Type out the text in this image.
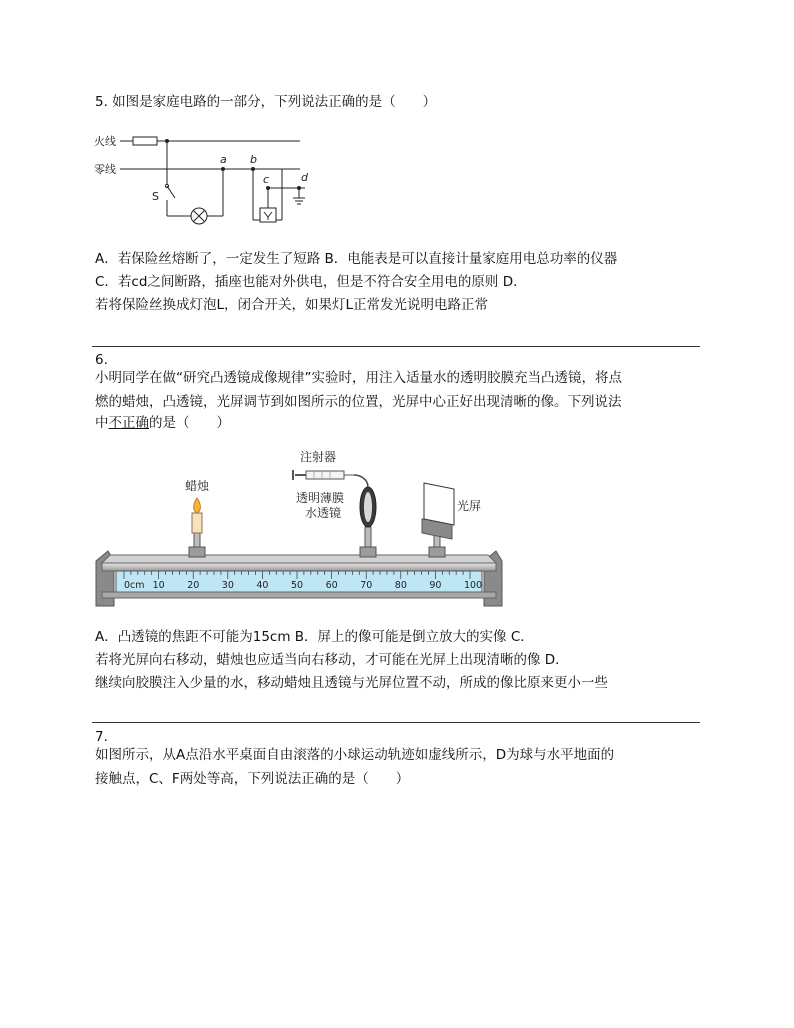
5. 如图是家庭电路的一部分，下列说法正确的是（　　）
火线
零线
S
a b
c	d
A．若保险丝熔断了，一定发生了短路 B．电能表是可以直接计量家庭用电总功率的仪器
C．若cd之间断路，插座也能对外供电，但是不符合安全用电的原则 D．
若将保险丝换成灯泡L，闭合开关，如果灯L正常发光说明电路正常
6.
小明同学在做“研究凸透镜成像规律”实验时，用注入适量水的透明胶膜充当凸透镜，将点
燃的蜡烛，凸透镜，光屏调节到如图所示的位置，光屏中心正好出现清晰的像。下列说法
中不正确的是（　　）
0cm 10 20 30 40 50 60 70 80 90 100
蜡烛
注射器
透明薄膜
水透镜	光屏
A．凸透镜的焦距不可能为15cm B．屏上的像可能是倒立放大的实像 C．
若将光屏向右移动，蜡烛也应适当向右移动，才可能在光屏上出现清晰的像 D．
继续向胶膜注入少量的水，移动蜡烛且透镜与光屏位置不动，所成的像比原来更小一些
7.
如图所示，从A点沿水平桌面自由滚落的小球运动轨迹如虚线所示，D为球与水平地面的
接触点，C、F两处等高，下列说法正确的是（　　）
